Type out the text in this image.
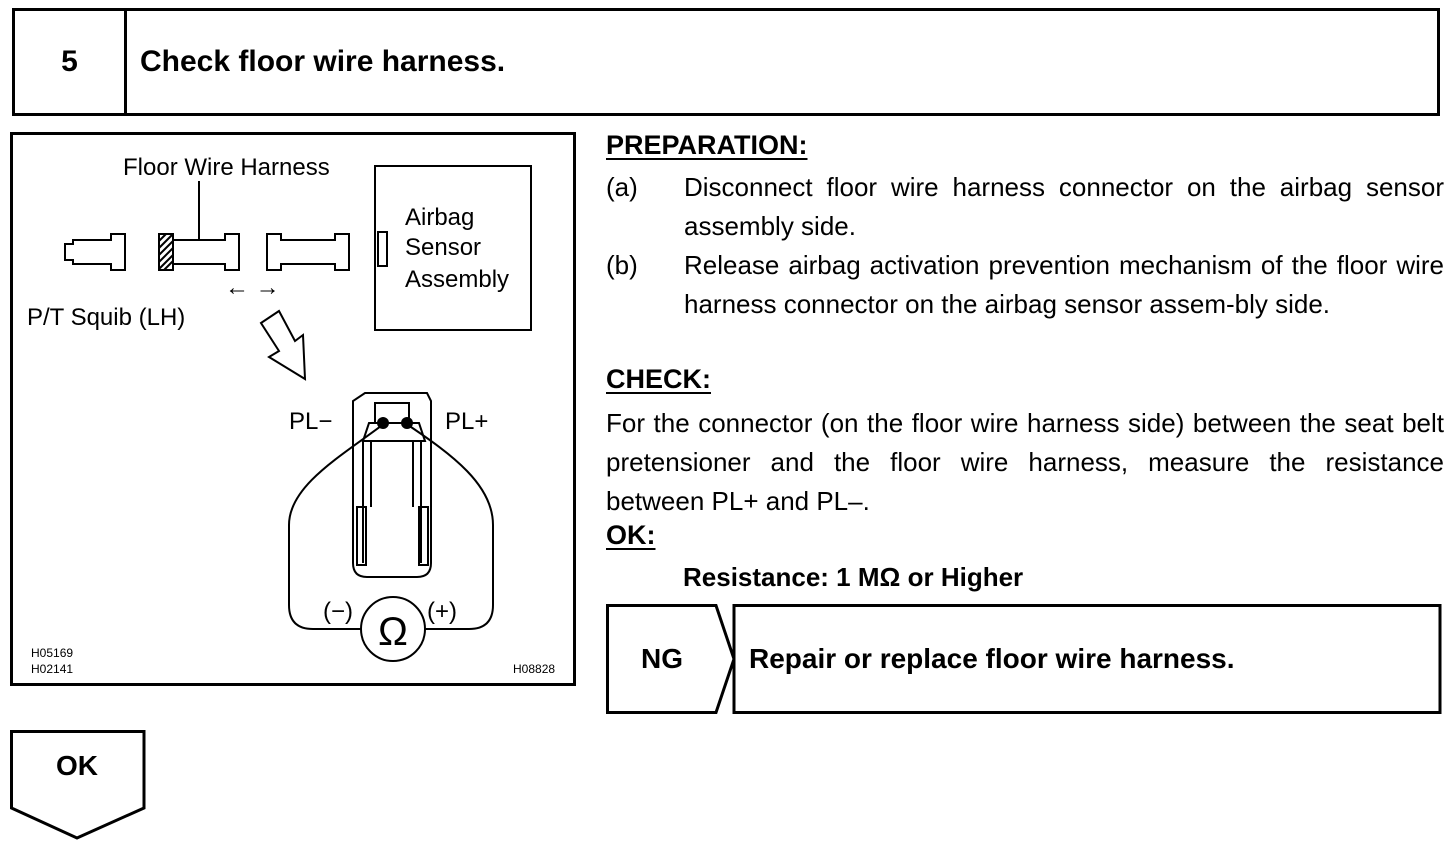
5	Check floor wire harness.
Floor Wire Harness
Airbag
Sensor
Assembly
P/T Squib (LH)
← →
PL−	PL+
(−)	(+)
Ω
H05169
H02141	H08828
PREPARATION:
(a)	Disconnect floor wire harness connector on the airbag sensor assembly side.
(b)	Release airbag activation prevention mechanism of the floor wire harness connector on the airbag sensor assem-bly side.
CHECK:
For the connector (on the floor wire harness side) between the seat belt pretensioner and the floor wire harness, measure the resistance between PL+ and PL–.
OK:
Resistance: 1 MΩ or Higher
NG	Repair or replace floor wire harness.
OK
